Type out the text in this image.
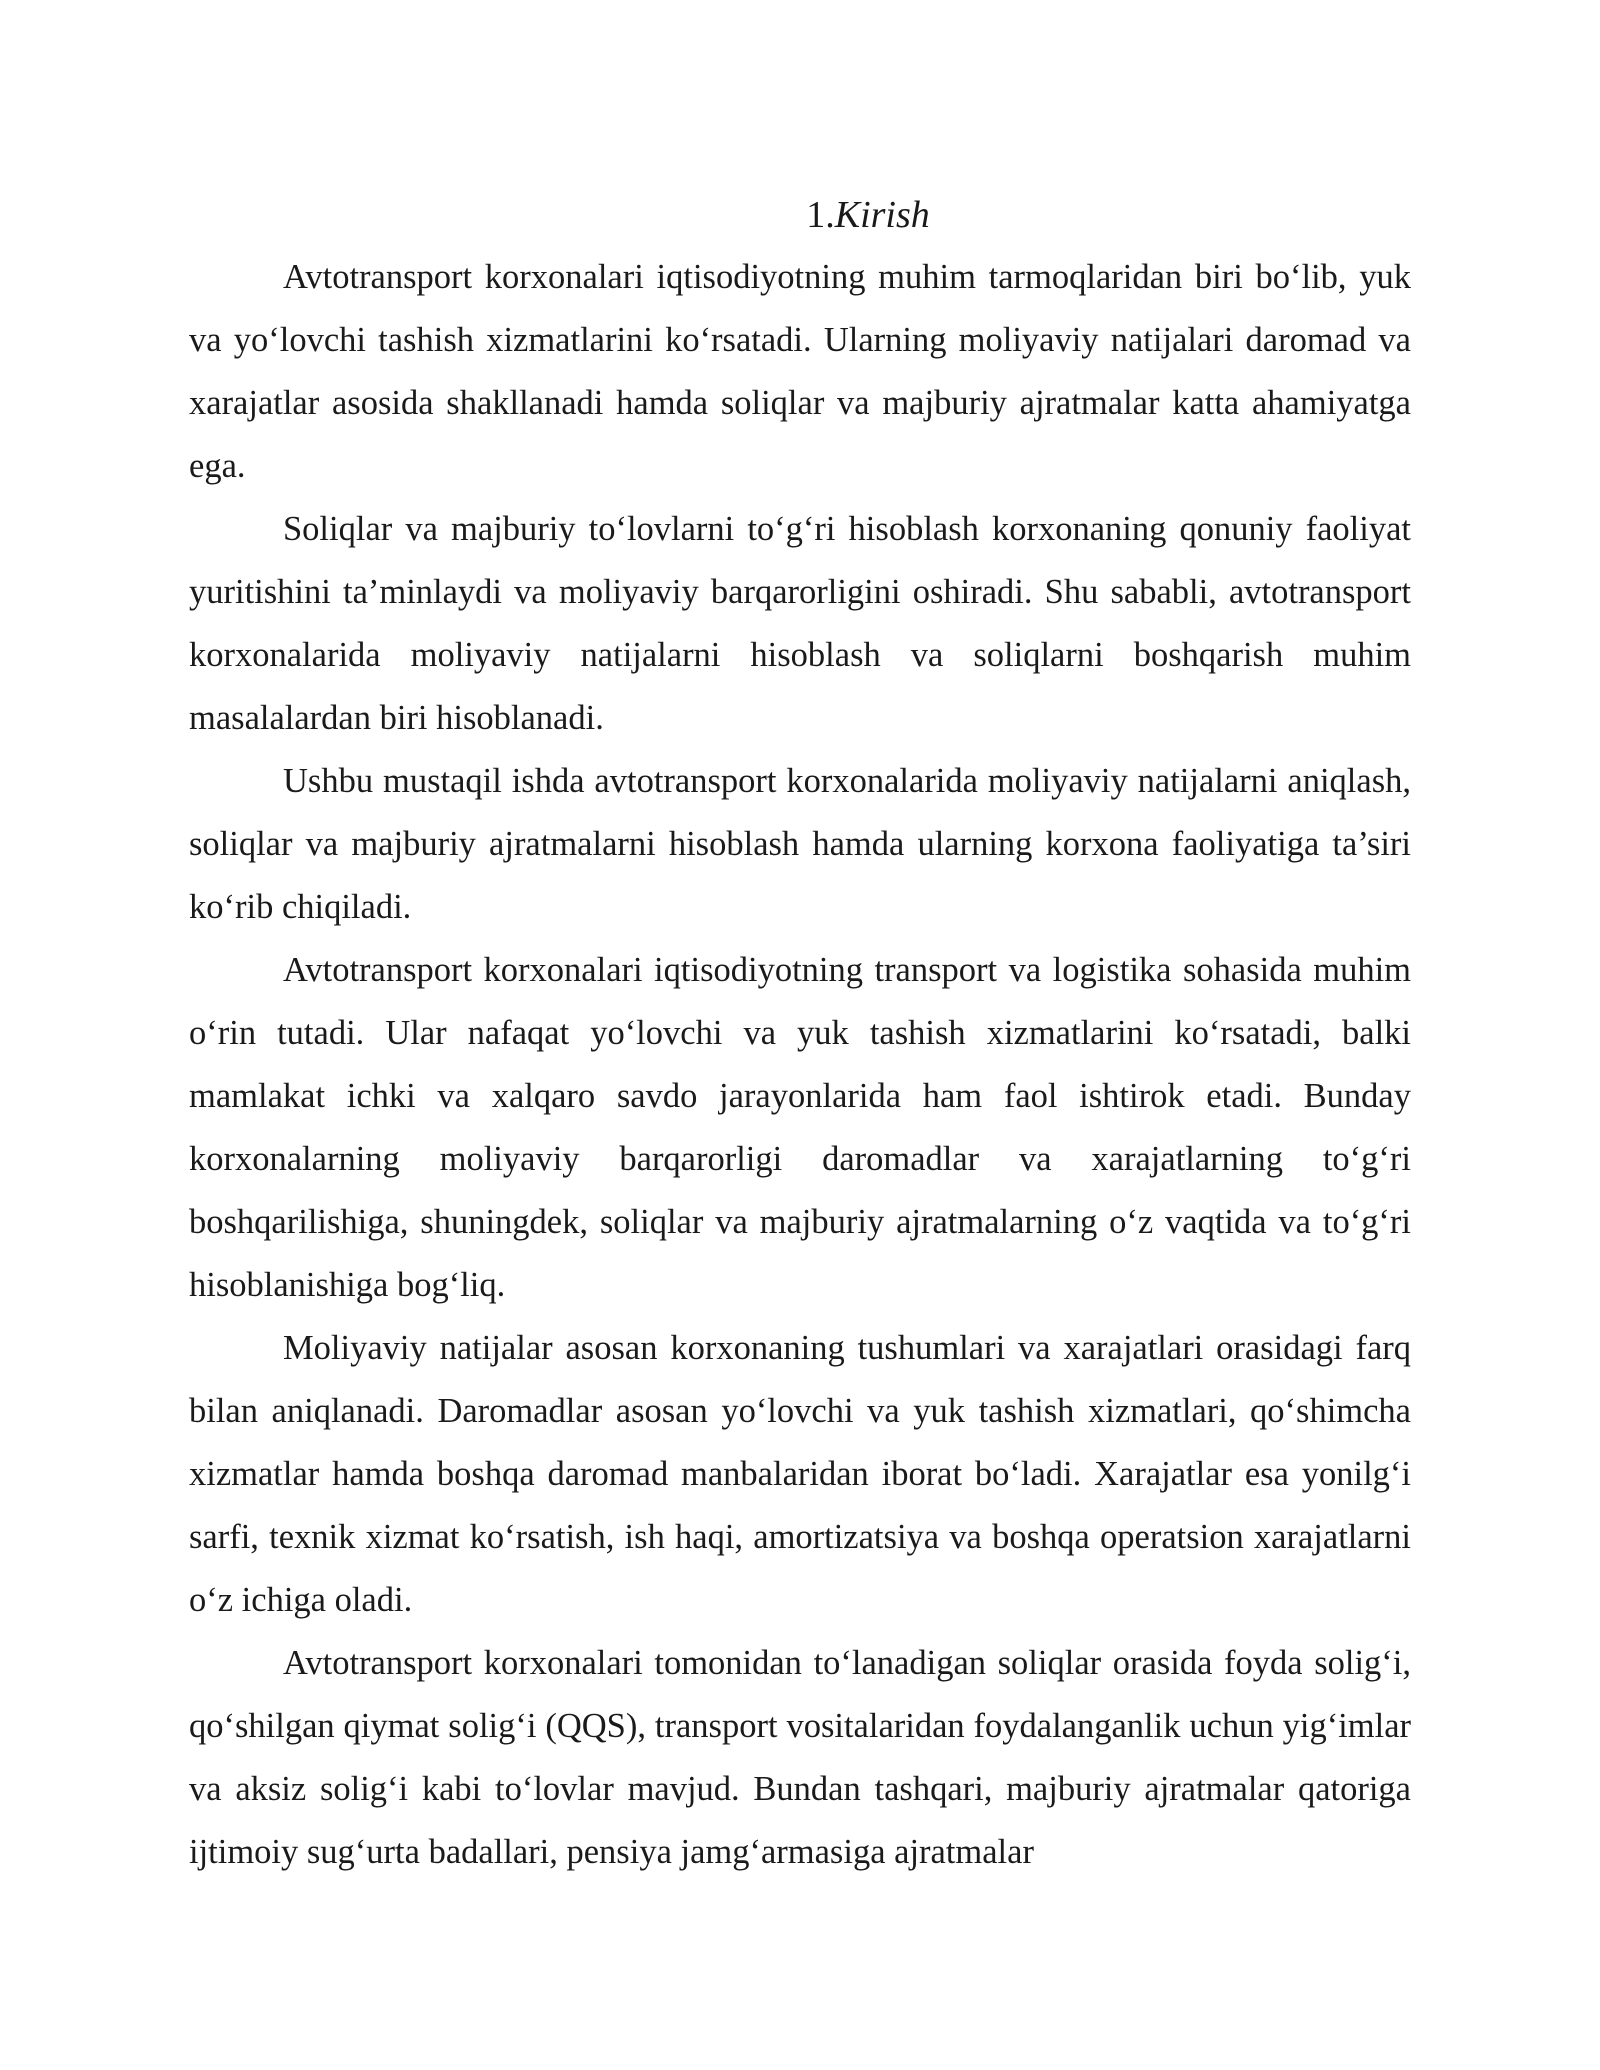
1.Kirish

Avtotransport korxonalari iqtisodiyotning muhim tarmoqlaridan biri bo‘lib, yuk va yo‘lovchi tashish xizmatlarini ko‘rsatadi. Ularning moliyaviy natijalari daromad va xarajatlar asosida shakllanadi hamda soliqlar va majburiy ajratmalar katta ahamiyatga ega.

Soliqlar va majburiy to‘lovlarni to‘g‘ri hisoblash korxonaning qonuniy faoliyat yuritishini ta’minlaydi va moliyaviy barqarorligini oshiradi. Shu sababli, avtotransport korxonalarida moliyaviy natijalarni hisoblash va soliqlarni boshqarish muhim masalalardan biri hisoblanadi.

Ushbu mustaqil ishda avtotransport korxonalarida moliyaviy natijalarni aniqlash, soliqlar va majburiy ajratmalarni hisoblash hamda ularning korxona faoliyatiga ta’siri ko‘rib chiqiladi.

Avtotransport korxonalari iqtisodiyotning transport va logistika sohasida muhim o‘rin tutadi. Ular nafaqat yo‘lovchi va yuk tashish xizmatlarini ko‘rsatadi, balki mamlakat ichki va xalqaro savdo jarayonlarida ham faol ishtirok etadi. Bunday korxonalarning moliyaviy barqarorligi daromadlar va xarajatlarning to‘g‘ri boshqarilishiga, shuningdek, soliqlar va majburiy ajratmalarning o‘z vaqtida va to‘g‘ri hisoblanishiga bog‘liq.

Moliyaviy natijalar asosan korxonaning tushumlari va xarajatlari orasidagi farq bilan aniqlanadi. Daromadlar asosan yo‘lovchi va yuk tashish xizmatlari, qo‘shimcha xizmatlar hamda boshqa daromad manbalaridan iborat bo‘ladi. Xarajatlar esa yonilg‘i sarfi, texnik xizmat ko‘rsatish, ish haqi, amortizatsiya va boshqa operatsion xarajatlarni o‘z ichiga oladi.

Avtotransport korxonalari tomonidan to‘lanadigan soliqlar orasida foyda solig‘i, qo‘shilgan qiymat solig‘i (QQS), transport vositalaridan foydalanganlik uchun yig‘imlar va aksiz solig‘i kabi to‘lovlar mavjud. Bundan tashqari, majburiy ajratmalar qatoriga ijtimoiy sug‘urta badallari, pensiya jamg‘armasiga ajratmalar
